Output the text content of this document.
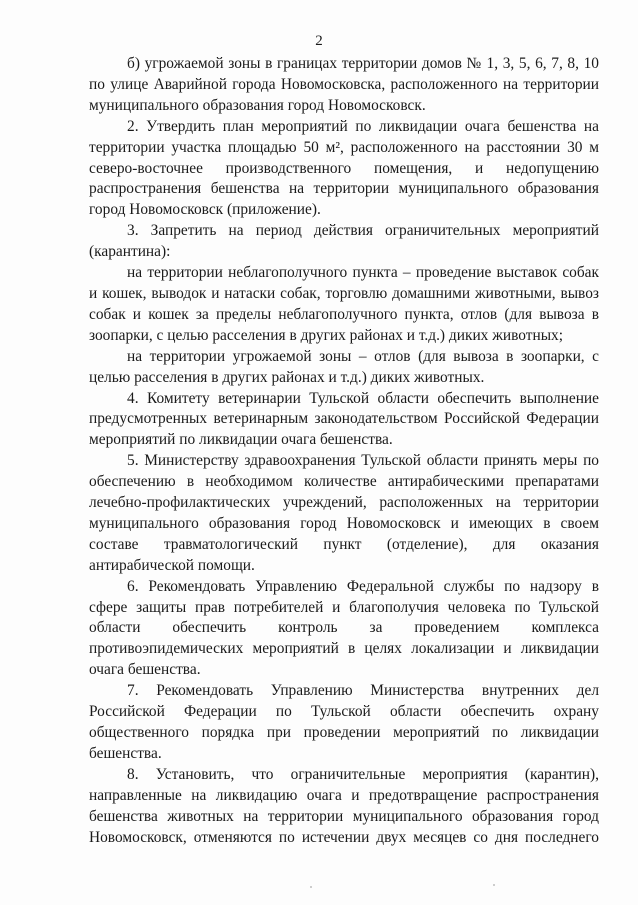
2

б) угрожаемой зоны в границах территории домов № 1, 3, 5, 6, 7, 8, 10 по улице Аварийной города Новомосковска, расположенного на территории муниципального образования город Новомосковск.

2. Утвердить план мероприятий по ликвидации очага бешенства на территории участка площадью 50 м², расположенного на расстоянии 30 м северо-восточнее производственного помещения, и недопущению распространения бешенства на территории муниципального образования город Новомосковск (приложение).

3. Запретить на период действия ограничительных мероприятий (карантина):

на территории неблагополучного пункта – проведение выставок собак и кошек, выводок и натаски собак, торговлю домашними животными, вывоз собак и кошек за пределы неблагополучного пункта, отлов (для вывоза в зоопарки, с целью расселения в других районах и т.д.) диких животных;

на территории угрожаемой зоны – отлов (для вывоза в зоопарки, с целью расселения в других районах и т.д.) диких животных.

4. Комитету ветеринарии Тульской области обеспечить выполнение предусмотренных ветеринарным законодательством Российской Федерации мероприятий по ликвидации очага бешенства.

5. Министерству здравоохранения Тульской области принять меры по обеспечению в необходимом количестве антирабическими препаратами лечебно-профилактических учреждений, расположенных на территории муниципального образования город Новомосковск и имеющих в своем составе травматологический пункт (отделение), для оказания антирабической помощи.

6. Рекомендовать Управлению Федеральной службы по надзору в сфере защиты прав потребителей и благополучия человека по Тульской области обеспечить контроль за проведением комплекса противоэпидемических мероприятий в целях локализации и ликвидации очага бешенства.

7. Рекомендовать Управлению Министерства внутренних дел Российской Федерации по Тульской области обеспечить охрану общественного порядка при проведении мероприятий по ликвидации бешенства.

8. Установить, что ограничительные мероприятия (карантин), направленные на ликвидацию очага и предотвращение распространения бешенства животных на территории муниципального образования город Новомосковск, отменяются по истечении двух месяцев со дня последнего
